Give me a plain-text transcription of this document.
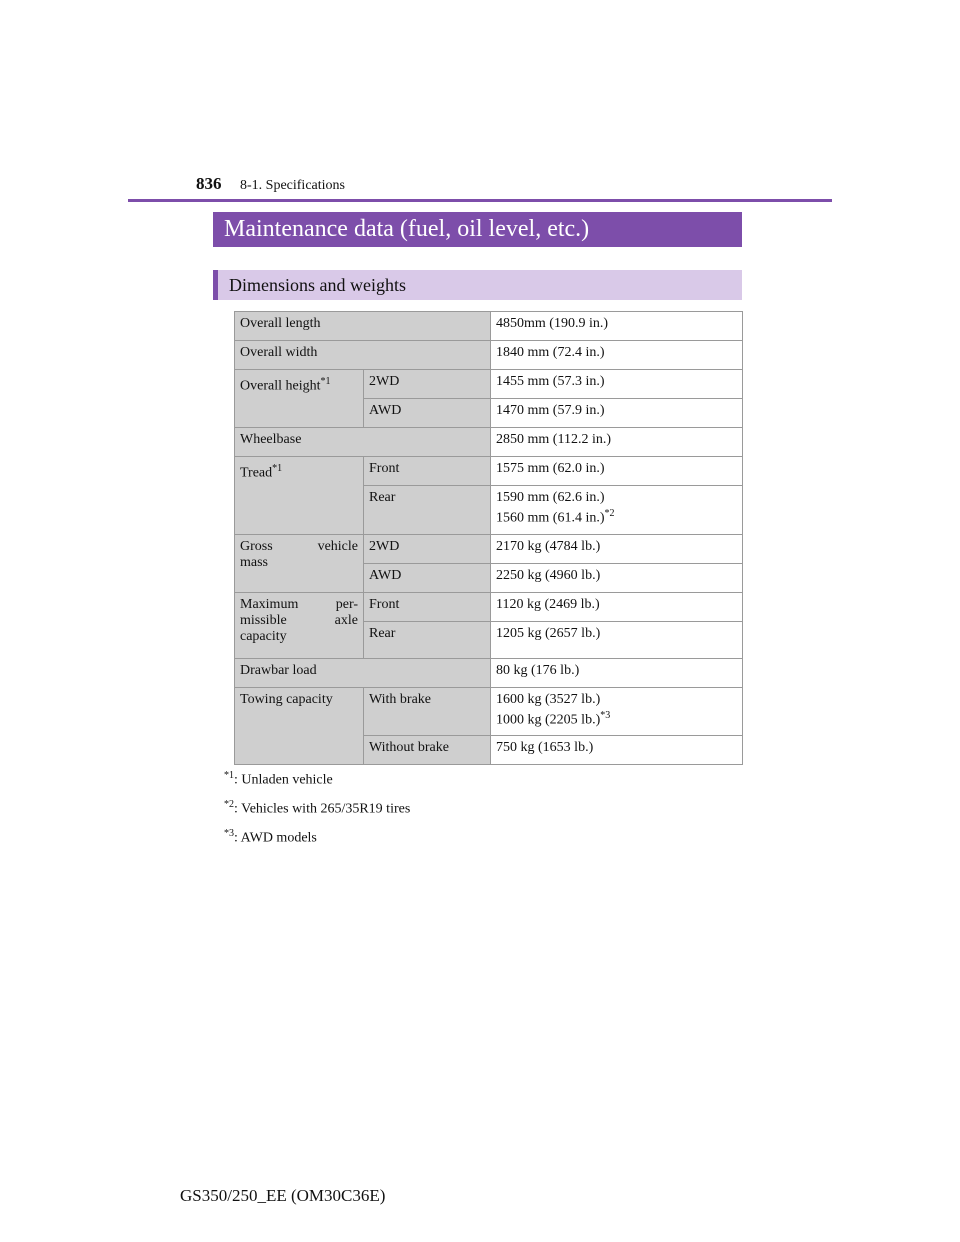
836 8-1. Specifications
Maintenance data (fuel, oil level, etc.)
Dimensions and weights
Overall length		4850mm (190.9 in.)
Overall width		1840 mm (72.4 in.)
Overall height$^{*1}$	2WD	1455 mm (57.3 in.)
	AWD	1470 mm (57.9 in.)
Wheelbase		2850 mm (112.2 in.)
Tread$^{*1}$	Front	1575 mm (62.0 in.)
	Rear	1590 mm (62.6 in.)
1560 mm (61.4 in.)$^{*2}$
Gross vehicle
mass	2WD	2170 kg (4784 lb.)
	AWD	2250 kg (4960 lb.)
Maximum per-
missible axle
capacity	Front	1120 kg (2469 lb.)
	Rear	1205 kg (2657 lb.)
Drawbar load		80 kg (176 lb.)
Towing capacity	With brake	1600 kg (3527 lb.)
1000 kg (2205 lb.)$^{*3}$
	Without brake	750 kg (1653 lb.)
$^{*1}$: Unladen vehicle
$^{*2}$: Vehicles with 265/35R19 tires
$^{*3}$: AWD models
GS350/250_EE (OM30C36E)
